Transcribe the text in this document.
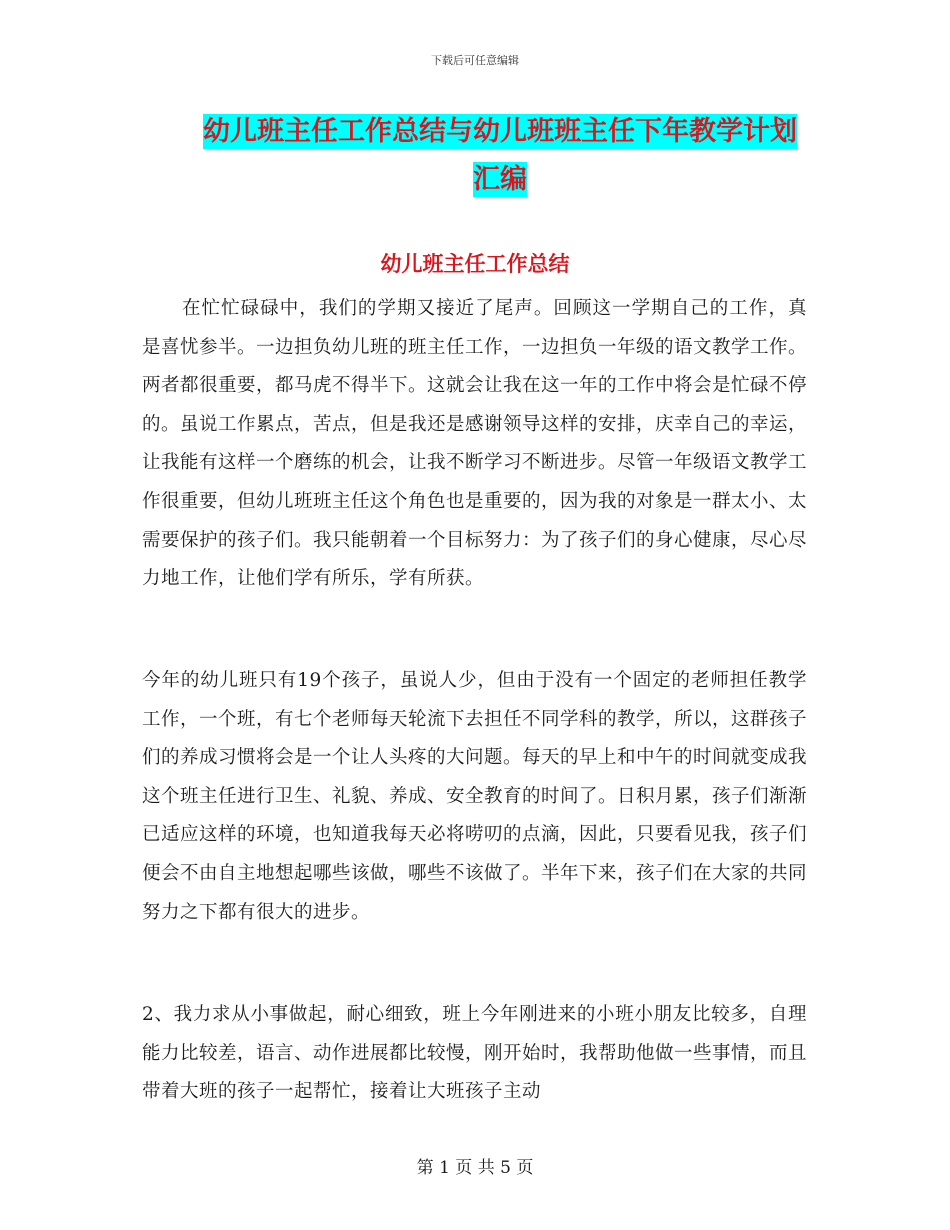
下载后可任意编辑
幼儿班主任工作总结与幼儿班班主任下年教学计划汇编
幼儿班主任工作总结

在忙忙碌碌中，我们的学期又接近了尾声。回顾这一学期自己的工作，真是喜忧参半。一边担负幼儿班的班主任工作，一边担负一年级的语文教学工作。两者都很重要，都马虎不得半下。这就会让我在这一年的工作中将会是忙碌不停的。虽说工作累点，苦点，但是我还是感谢领导这样的安排，庆幸自己的幸运，让我能有这样一个磨练的机会，让我不断学习不断进步。尽管一年级语文教学工作很重要，但幼儿班班主任这个角色也是重要的，因为我的对象是一群太小、太需要保护的孩子们。我只能朝着一个目标努力：为了孩子们的身心健康，尽心尽力地工作，让他们学有所乐，学有所获。

今年的幼儿班只有19个孩子，虽说人少，但由于没有一个固定的老师担任教学工作，一个班，有七个老师每天轮流下去担任不同学科的教学，所以，这群孩子们的养成习惯将会是一个让人头疼的大问题。每天的早上和中午的时间就变成我这个班主任进行卫生、礼貌、养成、安全教育的时间了。日积月累，孩子们渐渐已适应这样的环境，也知道我每天必将唠叨的点滴，因此，只要看见我，孩子们便会不由自主地想起哪些该做，哪些不该做了。半年下来，孩子们在大家的共同努力之下都有很大的进步。

2、我力求从小事做起，耐心细致，班上今年刚进来的小班小朋友比较多，自理能力比较差，语言、动作进展都比较慢，刚开始时，我帮助他做一些事情，而且带着大班的孩子一起帮忙，接着让大班孩子主动

第 1 页 共 5 页
